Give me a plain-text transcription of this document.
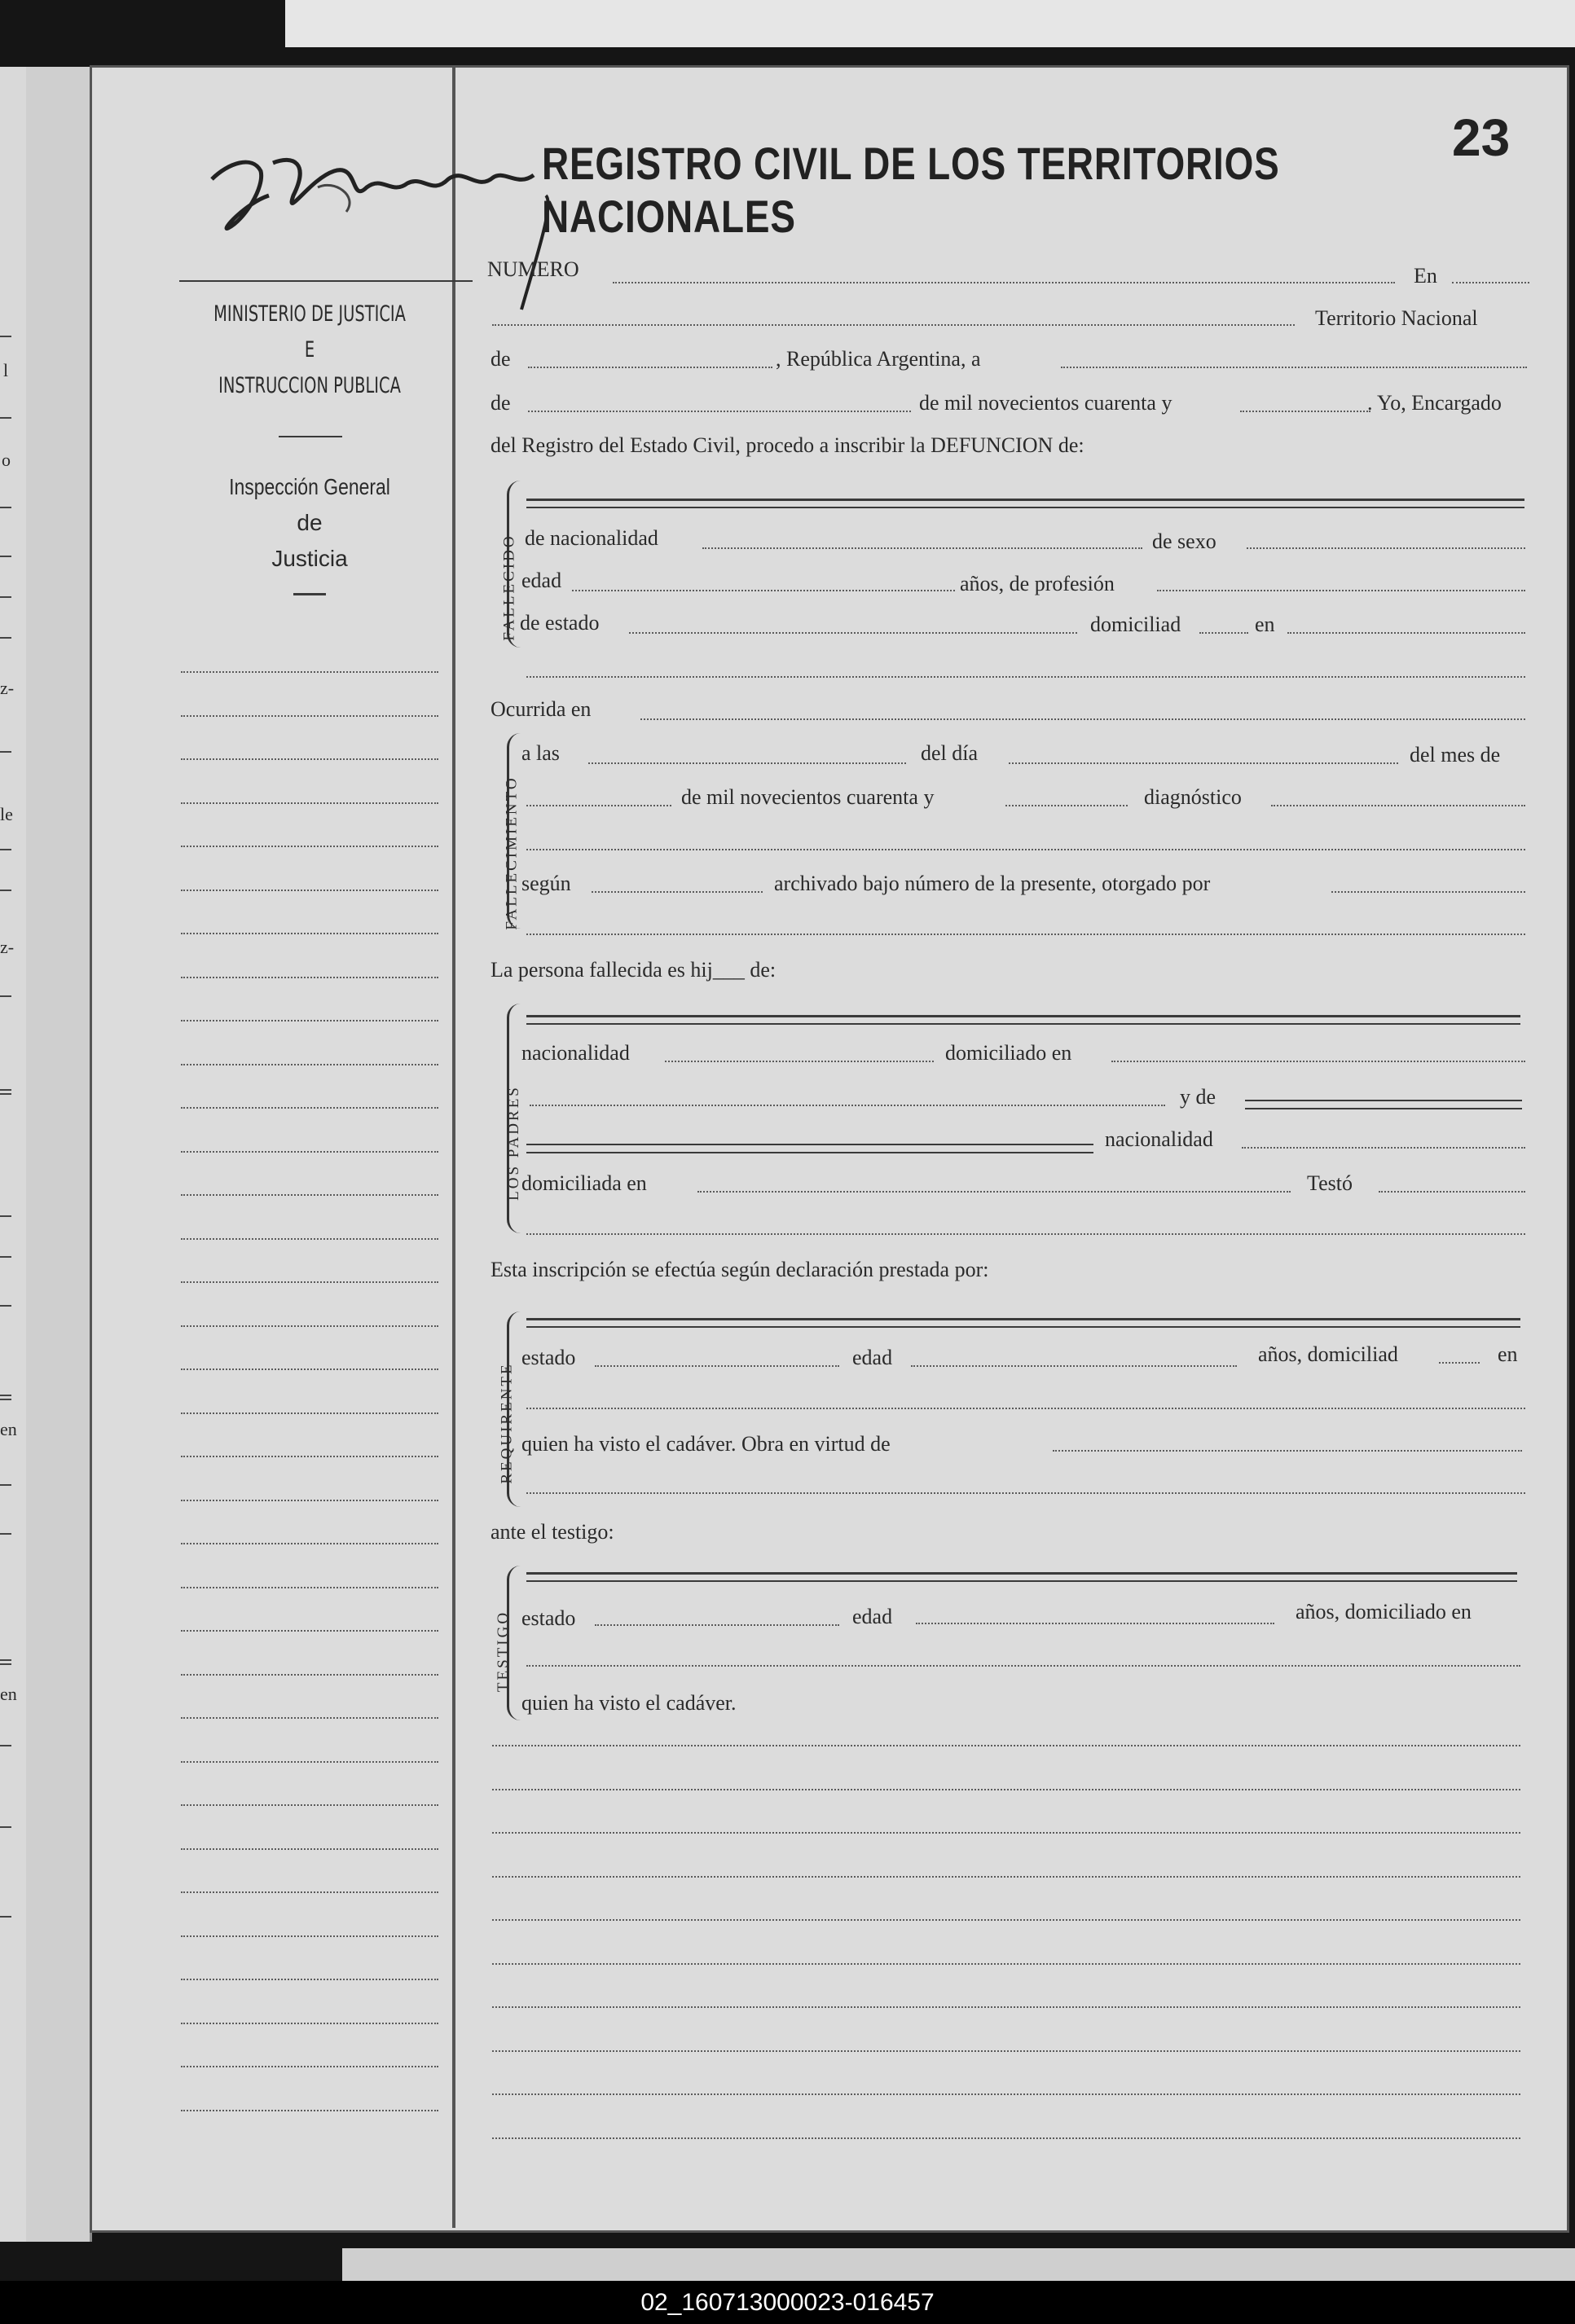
l
o
z-
le
z-
en
en
REGISTRO CIVIL DE LOS TERRITORIOS NACIONALES
23
MINISTERIO DE JUSTICIA
E
INSTRUCCION PUBLICA
Inspección General
de
Justicia
NUMERO	En
Territorio Nacional
de	, República Argentina, a
de	de mil novecientos cuarenta y	. Yo, Encargado
del Registro del Estado Civil, procedo a inscribir la DEFUNCION de:
FALLECIDO de nacionalidad	de sexo
edad	años, de profesión
de estado	domiciliad	en
Ocurrida en
FALLECIMIENTO
a las	del día	del mes de
de mil novecientos cuarenta y	diagnóstico
según	archivado bajo número de la presente, otorgado por
La persona fallecida es hij___ de:
LOS PADRES
nacionalidad	domiciliado en
y de
nacionalidad
domiciliada en	Testó
Esta inscripción se efectúa según declaración prestada por:
REQUIRENTE
estado	edad	años, domiciliad	en
quien ha visto el cadáver. Obra en virtud de
ante el testigo:
TESTIGO estado	edad	años, domiciliado en
quien ha visto el cadáver.
02_160713000023-016457
